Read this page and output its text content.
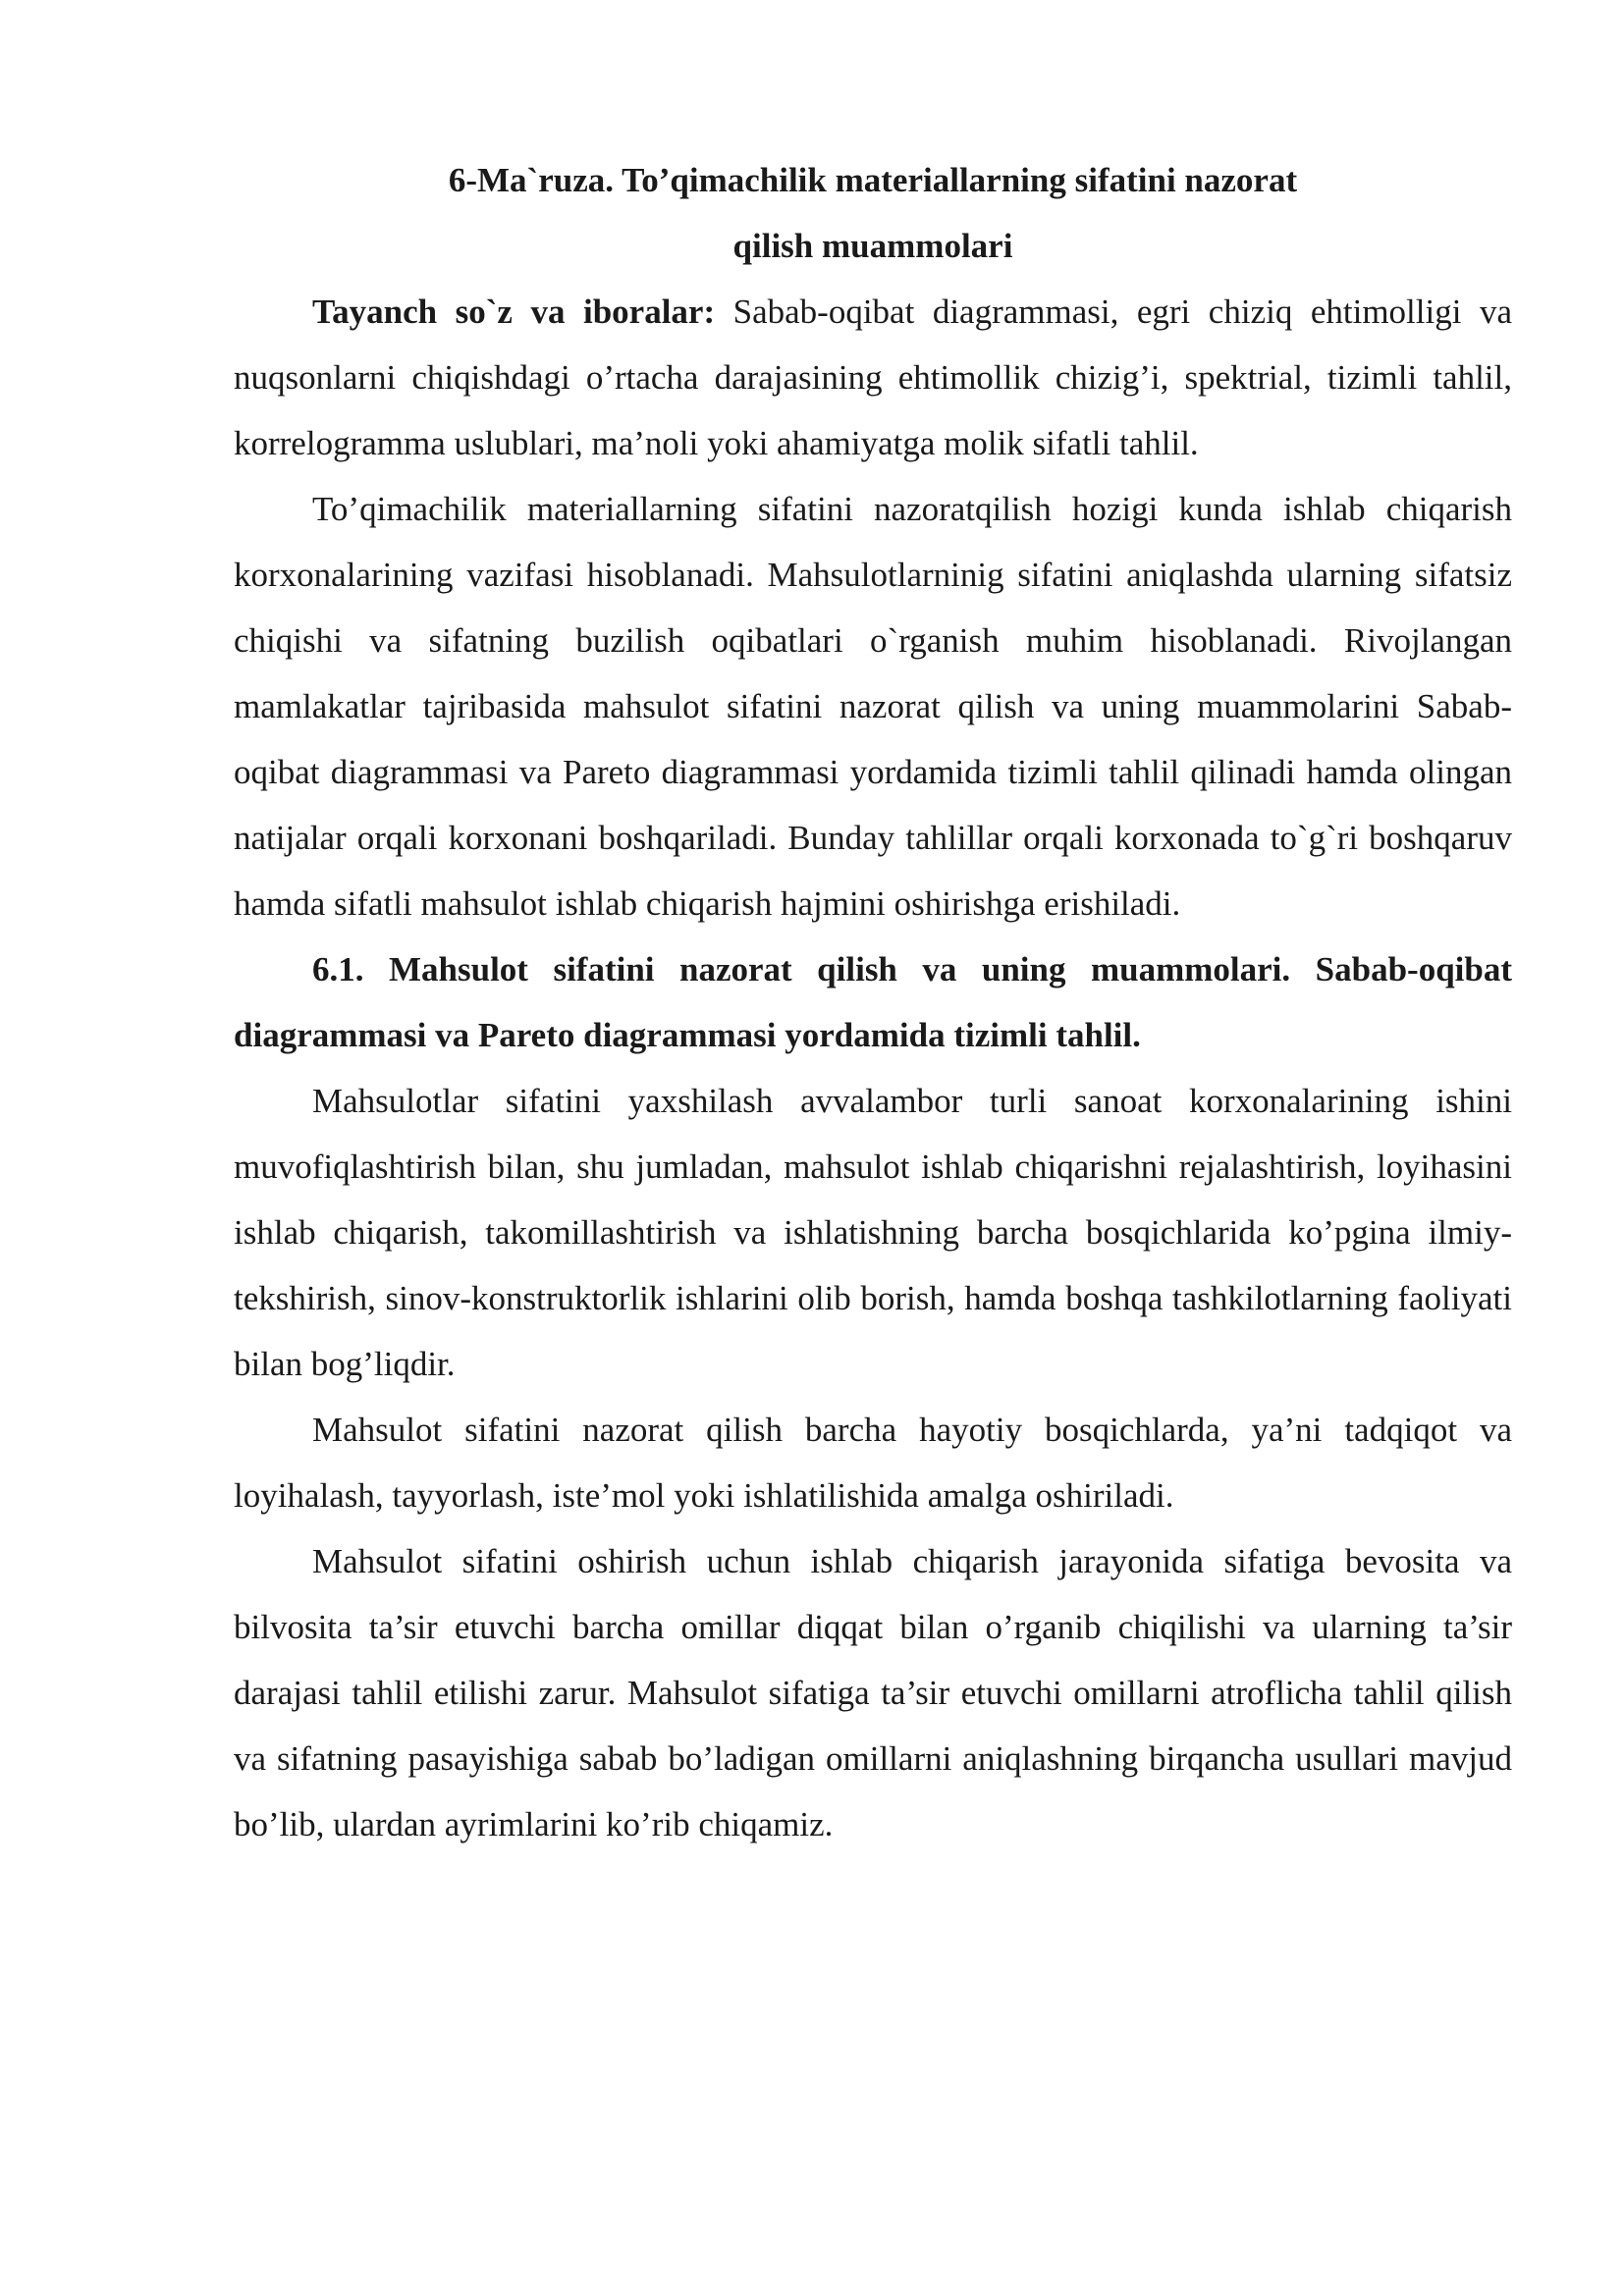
6-Ma`ruza. To’qimachilik materiallarning sifatini nazorat
qilish muammolari

Tayanch so`z va iboralar: Sabab-oqibat diagrammasi, egri chiziq ehtimolligi va nuqsonlarni chiqishdagi o’rtacha darajasining ehtimollik chizig’i, spektrial, tizimli tahlil, korrelogramma uslublari, ma’noli yoki ahamiyatga molik sifatli tahlil.

To’qimachilik materiallarning sifatini nazoratqilish hozigi kunda ishlab chiqarish korxonalarining vazifasi hisoblanadi. Mahsulotlarninig sifatini aniqlashda ularning sifatsiz chiqishi va sifatning buzilish oqibatlari o`rganish muhim hisoblanadi. Rivojlangan mamlakatlar tajribasida mahsulot sifatini nazorat qilish va uning muammolarini Sabab-oqibat diagrammasi va Pareto diagrammasi yordamida tizimli tahlil qilinadi hamda olingan natijalar orqali korxonani boshqariladi. Bunday tahlillar orqali korxonada to`g`ri boshqaruv hamda sifatli mahsulot ishlab chiqarish hajmini oshirishga erishiladi.

6.1. Mahsulot sifatini nazorat qilish va uning muammolari. Sabab-oqibat diagrammasi va Pareto diagrammasi yordamida tizimli tahlil.

Mahsulotlar sifatini yaxshilash avvalambor turli sanoat korxonalarining ishini muvofiqlashtirish bilan, shu jumladan, mahsulot ishlab chiqarishni rejalashtirish, loyihasini ishlab chiqarish, takomillashtirish va ishlatishning barcha bosqichlarida ko’pgina ilmiy-tekshirish, sinov-konstruktorlik ishlarini olib borish, hamda boshqa tashkilotlarning faoliyati bilan bog’liqdir.

Mahsulot sifatini nazorat qilish barcha hayotiy bosqichlarda, ya’ni tadqiqot va loyihalash, tayyorlash, iste’mol yoki ishlatilishida amalga oshiriladi.

Mahsulot sifatini oshirish uchun ishlab chiqarish jarayonida sifatiga bevosita va bilvosita ta’sir etuvchi barcha omillar diqqat bilan o’rganib chiqilishi va ularning ta’sir darajasi tahlil etilishi zarur. Mahsulot sifatiga ta’sir etuvchi omillarni atroflicha tahlil qilish va sifatning pasayishiga sabab bo’ladigan omillarni aniqlashning birqancha usullari mavjud bo’lib, ulardan ayrimlarini ko’rib chiqamiz.
